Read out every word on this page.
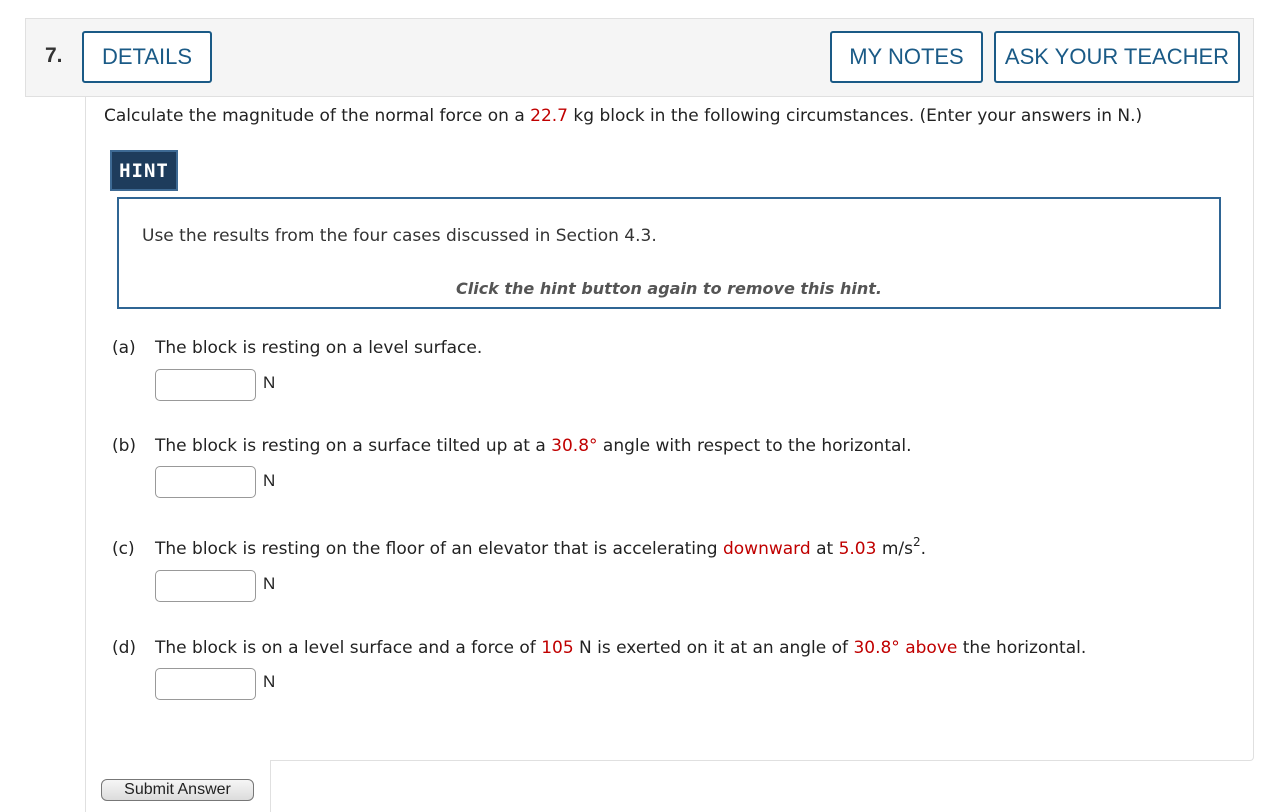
7.	DETAILS	MY NOTES	ASK YOUR TEACHER
Calculate the magnitude of the normal force on a 22.7 kg block in the following circumstances. (Enter your answers in N.)
HINT
Use the results from the four cases discussed in Section 4.3.
Click the hint button again to remove this hint.
(a) The block is resting on a level surface.
N
(b) The block is resting on a surface tilted up at a 30.8° angle with respect to the horizontal.
N
(c) The block is resting on the floor of an elevator that is accelerating downward at 5.03 $m/s^2$.
N
(d) The block is on a level surface and a force of 105 N is exerted on it at an angle of 30.8° above the horizontal.
N
Submit Answer
